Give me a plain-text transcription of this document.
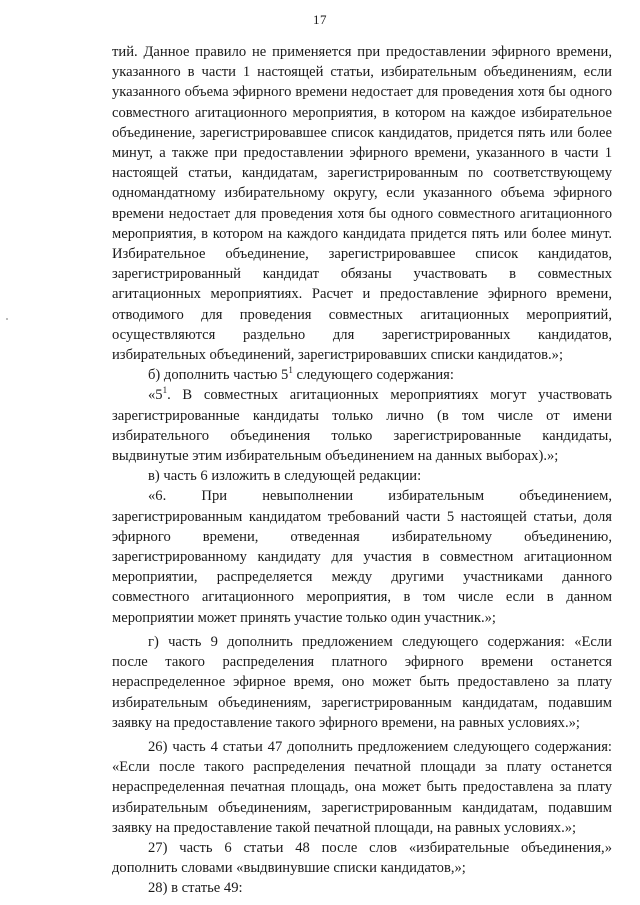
17

тий. Данное правило не применяется при предоставлении эфирного времени, указанного в части 1 настоящей статьи, избирательным объединениям, если указанного объема эфирного времени недостает для проведения хотя бы одного совместного агитационного мероприятия, в котором на каждое избирательное объединение, зарегистрировавшее список кандидатов, придется пять или более минут, а также при предоставлении эфирного времени, указанного в части 1 настоящей статьи, кандидатам, зарегистрированным по соответствующему одномандатному избирательному округу, если указанного объема эфирного времени недостает для проведения хотя бы одного совместного агитационного мероприятия, в котором на каждого кандидата придется пять или более минут. Избирательное объединение, зарегистрировавшее список кандидатов, зарегистрированный кандидат обязаны участвовать в совместных агитационных мероприятиях. Расчет и предоставление эфирного времени, отводимого для проведения совместных агитационных мероприятий, осуществляются раздельно для зарегистрированных кандидатов, избирательных объединений, зарегистрировавших списки кандидатов.»;

б) дополнить частью $5^1$ следующего содержания:

«$5^1$. В совместных агитационных мероприятиях могут участвовать зарегистрированные кандидаты только лично (в том числе от имени избирательного объединения только зарегистрированные кандидаты, выдвинутые этим избирательным объединением на данных выборах).»;

в) часть 6 изложить в следующей редакции:

«6. При невыполнении избирательным объединением, зарегистрированным кандидатом требований части 5 настоящей статьи, доля эфирного времени, отведенная избирательному объединению, зарегистрированному кандидату для участия в совместном агитационном мероприятии, распределяется между другими участниками данного совместного агитационного мероприятия, в том числе если в данном мероприятии может принять участие только один участник.»;

г) часть 9 дополнить предложением следующего содержания: «Если после такого распределения платного эфирного времени останется нераспределенное эфирное время, оно может быть предоставлено за плату избирательным объединениям, зарегистрированным кандидатам, подавшим заявку на предоставление такого эфирного времени, на равных условиях.»;

26) часть 4 статьи 47 дополнить предложением следующего содержания: «Если после такого распределения печатной площади за плату останется нераспределенная печатная площадь, она может быть предоставлена за плату избирательным объединениям, зарегистрированным кандидатам, подавшим заявку на предоставление такой печатной площади, на равных условиях.»;

27) часть 6 статьи 48 после слов «избирательные объединения,» дополнить словами «выдвинувшие списки кандидатов,»;

28) в статье 49:
